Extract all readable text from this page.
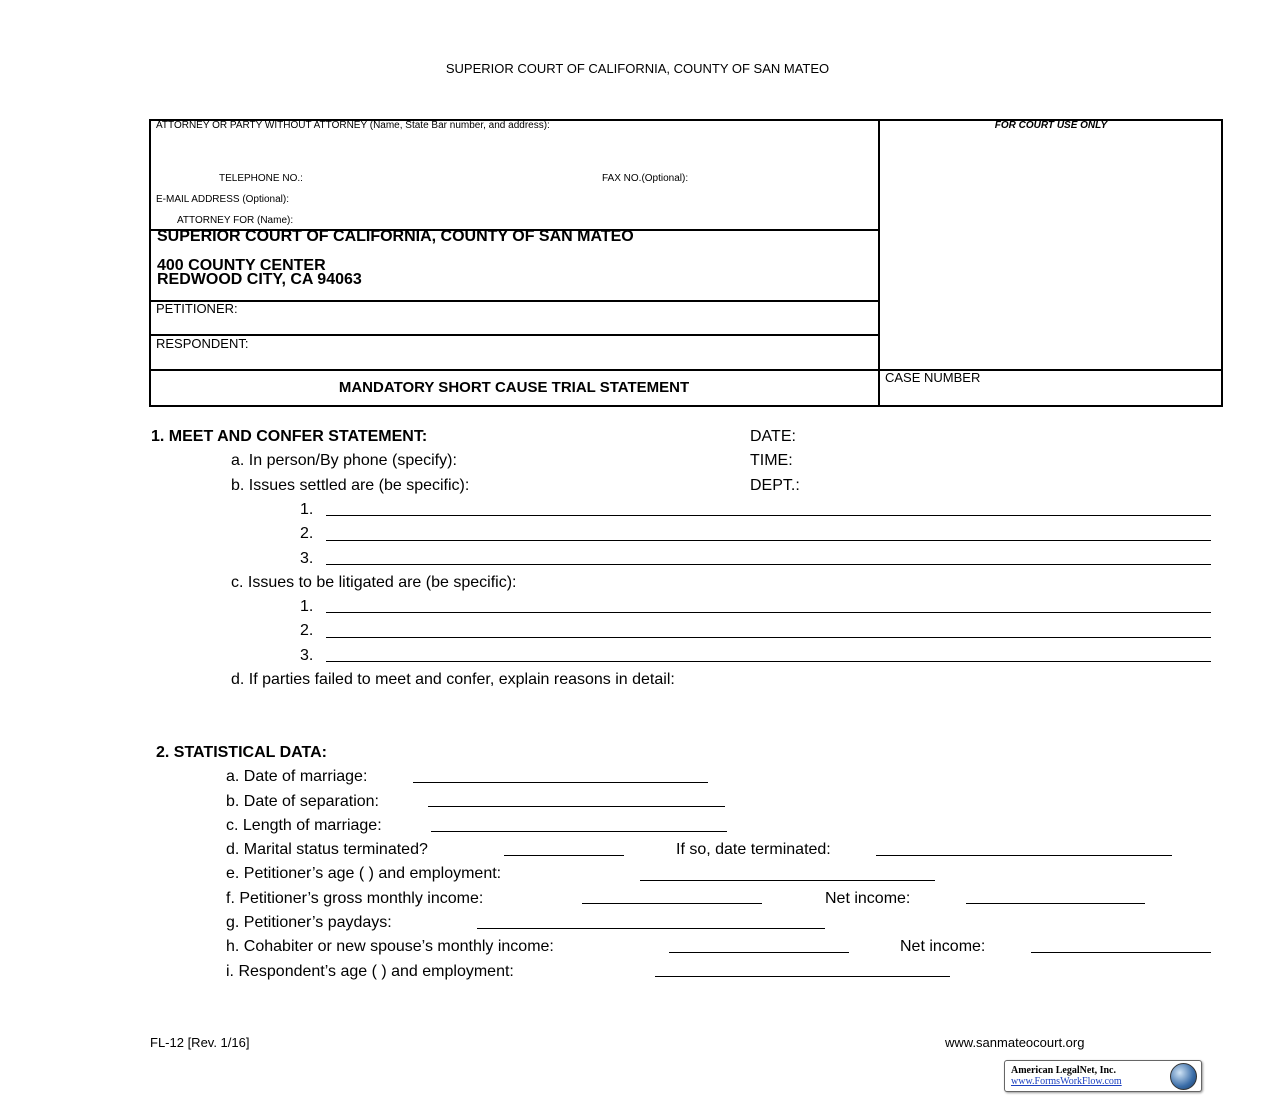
SUPERIOR COURT OF CALIFORNIA, COUNTY OF SAN MATEO
ATTORNEY OR PARTY WITHOUT ATTORNEY (Name, State Bar number, and address):
TELEPHONE NO.:	FAX NO.(Optional):
E-MAIL ADDRESS (Optional):
ATTORNEY FOR (Name):
SUPERIOR COURT OF CALIFORNIA, COUNTY OF SAN MATEO
400 COUNTY CENTER
REDWOOD CITY, CA 94063
PETITIONER:
RESPONDENT:
MANDATORY SHORT CAUSE TRIAL STATEMENT
FOR COURT USE ONLY
CASE NUMBER
1. MEET AND CONFER STATEMENT:	DATE:
TIME:
DEPT.:
a. In person/By phone (specify):
b. Issues settled are (be specific):
1.
2.
3.
c. Issues to be litigated are (be specific):
1.
2.
3.
d. If parties failed to meet and confer, explain reasons in detail:
2. STATISTICAL DATA:
a. Date of marriage:
b. Date of separation:
c. Length of marriage:
d. Marital status terminated?	If so, date terminated:
e. Petitioner’s age ( ) and employment:
f. Petitioner’s gross monthly income:	Net income:
g. Petitioner’s paydays:
h. Cohabiter or new spouse’s monthly income:	Net income:
i. Respondent’s age ( ) and employment:
FL-12 [Rev. 1/16]	www.sanmateocourt.org
American LegalNet, Inc.
www.FormsWorkFlow.com
